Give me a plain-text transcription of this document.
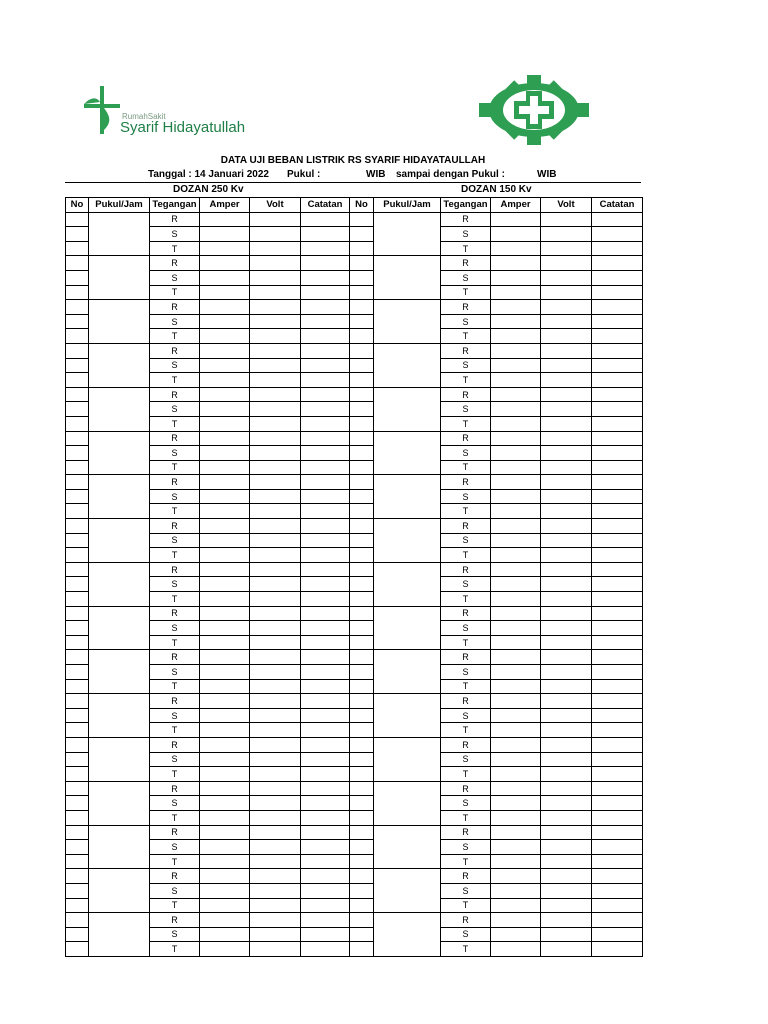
RumahSakit
Syarif Hidayatullah
DATA UJI BEBAN LISTRIK RS SYARIF HIDAYATAULLAH
Tanggal : 14 Januari 2022 Pukul :	WIB sampai dengan Pukul :	WIB
DOZAN 250 Kv	DOZAN 150 Kv
No	Pukul/Jam	Tegangan	Amper	Volt	Catatan	No	Pukul/Jam	Tegangan	Amper	Volt	Catatan
		R						R			
		S						S			
		T						T			
		R						R			
		S						S			
		T						T			
		R						R			
		S						S			
		T						T			
		R						R			
		S						S			
		T						T			
		R						R			
		S						S			
		T						T			
		R						R			
		S						S			
		T						T			
		R						R			
		S						S			
		T						T			
		R						R			
		S						S			
		T						T			
		R						R			
		S						S			
		T						T			
		R						R			
		S						S			
		T						T			
		R						R			
		S						S			
		T						T			
		R						R			
		S						S			
		T						T			
		R						R			
		S						S			
		T						T			
		R						R			
		S						S			
		T						T			
		R						R			
		S						S			
		T						T			
		R						R			
		S						S			
		T						T			
		R						R			
		S						S			
		T						T			
